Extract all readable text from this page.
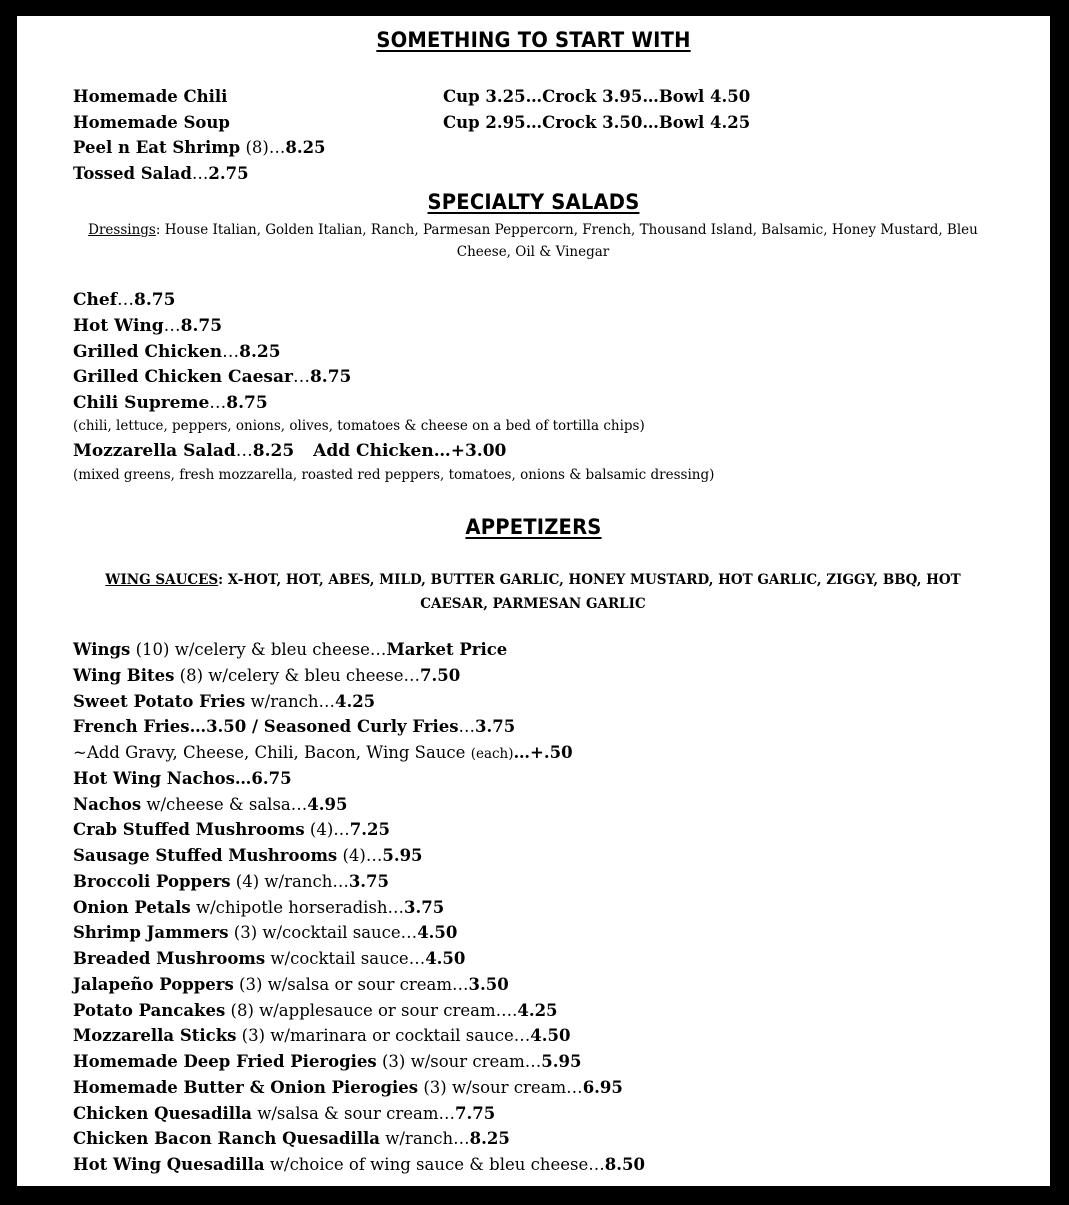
SOMETHING TO START WITH
Homemade Chili	Cup 3.25…Crock 3.95…Bowl 4.50
Homemade Soup	Cup 2.95…Crock 3.50…Bowl 4.25
Peel n Eat Shrimp (8)…8.25
Tossed Salad…2.75
SPECIALTY SALADS
Dressings: House Italian, Golden Italian, Ranch, Parmesan Peppercorn, French, Thousand Island, Balsamic, Honey Mustard, Bleu Cheese, Oil & Vinegar
Chef…8.75
Hot Wing…8.75
Grilled Chicken…8.25
Grilled Chicken Caesar…8.75
Chili Supreme…8.75
(chili, lettuce, peppers, onions, olives, tomatoes & cheese on a bed of tortilla chips)
Mozzarella Salad…8.25 Add Chicken…+3.00
(mixed greens, fresh mozzarella, roasted red peppers, tomatoes, onions & balsamic dressing)
APPETIZERS
WING SAUCES: X-HOT, HOT, ABES, MILD, BUTTER GARLIC, HONEY MUSTARD, HOT GARLIC, ZIGGY, BBQ, HOT CAESAR, PARMESAN GARLIC
Wings (10) w/celery & bleu cheese…Market Price
Wing Bites (8) w/celery & bleu cheese…7.50
Sweet Potato Fries w/ranch…4.25
French Fries…3.50 / Seasoned Curly Fries…3.75
~Add Gravy, Cheese, Chili, Bacon, Wing Sauce (each)…+.50
Hot Wing Nachos…6.75
Nachos w/cheese & salsa…4.95
Crab Stuffed Mushrooms (4)…7.25
Sausage Stuffed Mushrooms (4)…5.95
Broccoli Poppers (4) w/ranch…3.75
Onion Petals w/chipotle horseradish…3.75
Shrimp Jammers (3) w/cocktail sauce…4.50
Breaded Mushrooms w/cocktail sauce…4.50
Jalapeño Poppers (3) w/salsa or sour cream…3.50
Potato Pancakes (8) w/applesauce or sour cream….4.25
Mozzarella Sticks (3) w/marinara or cocktail sauce…4.50
Homemade Deep Fried Pierogies (3) w/sour cream…5.95
Homemade Butter & Onion Pierogies (3) w/sour cream…6.95
Chicken Quesadilla w/salsa & sour cream…7.75
Chicken Bacon Ranch Quesadilla w/ranch…8.25
Hot Wing Quesadilla w/choice of wing sauce & bleu cheese…8.50
